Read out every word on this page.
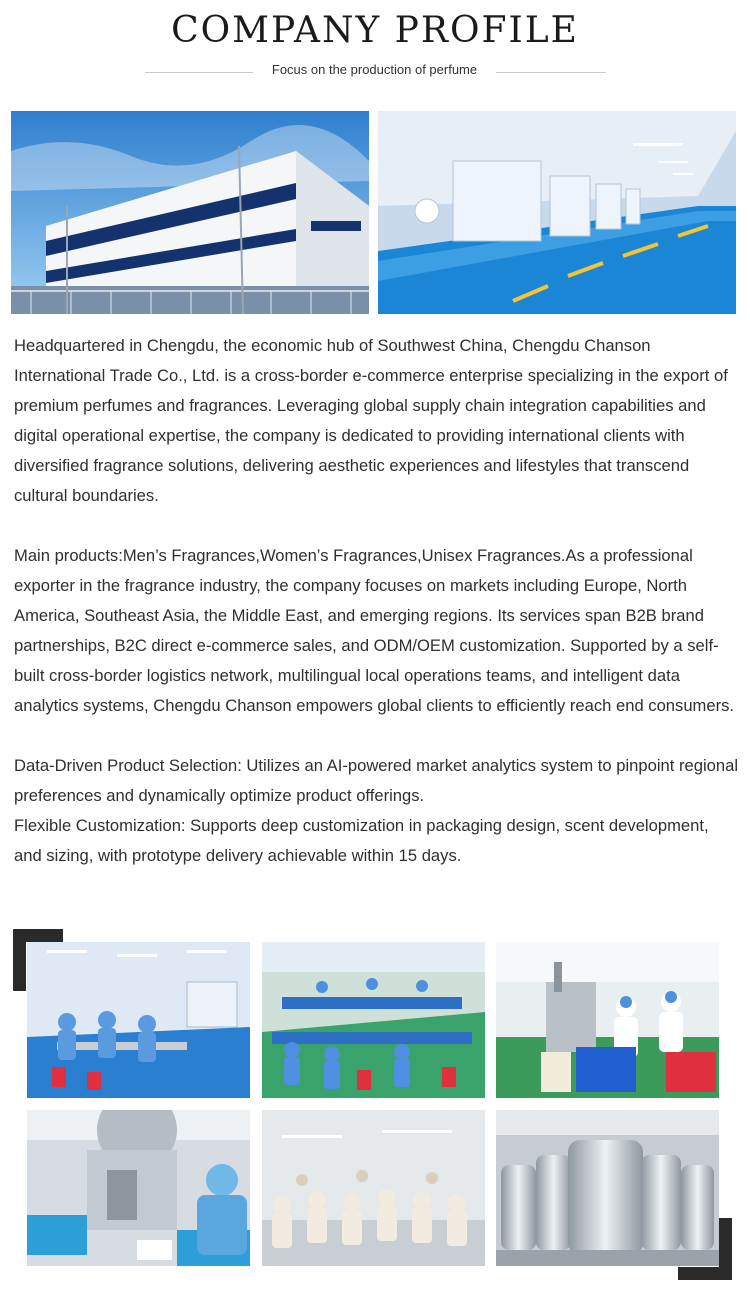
COMPANY PROFILE
Focus on the production of perfume
Headquartered in Chengdu, the economic hub of Southwest China, Chengdu Chanson International Trade Co., Ltd. is a cross-border e-commerce enterprise specializing in the export of premium perfumes and fragrances. Leveraging global supply chain integration capabilities and digital operational expertise, the company is dedicated to providing international clients with diversified fragrance solutions, delivering aesthetic experiences and lifestyles that transcend cultural boundaries.
Main products:Men’s Fragrances,Women’s Fragrances,Unisex Fragrances.As a professional exporter in the fragrance industry, the company focuses on markets including Europe, North America, Southeast Asia, the Middle East, and emerging regions. Its services span B2B brand partnerships, B2C direct e-commerce sales, and ODM/OEM customization. Supported by a self-built cross-border logistics network, multilingual local operations teams, and intelligent data analytics systems, Chengdu Chanson empowers global clients to efficiently reach end consumers.
Data-Driven Product Selection: Utilizes an AI-powered market analytics system to pinpoint regional preferences and dynamically optimize product offerings.
Flexible Customization: Supports deep customization in packaging design, scent development, and sizing, with prototype delivery achievable within 15 days.
